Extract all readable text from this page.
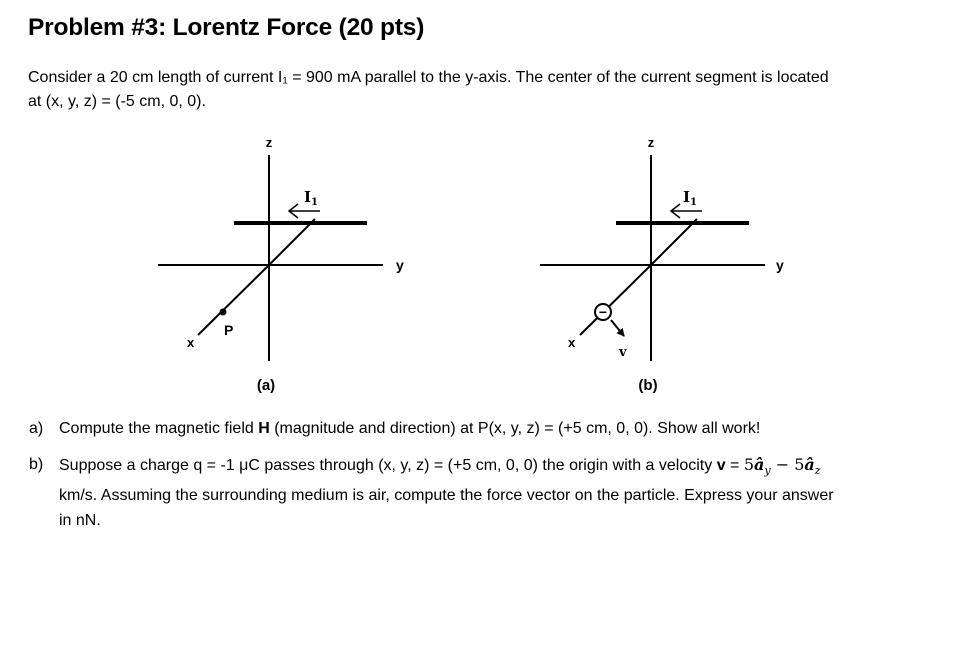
Problem #3: Lorentz Force (20 pts)

Consider a 20 cm length of current I₁ = 900 mA parallel to the y-axis. The center of the current segment is located

at (x, y, z) = (-5 cm, 0, 0).

z
y
x
P
$I_1$
(a)
−
z
y
x
v
$I_1$
(b)
a) Compute the magnetic field H (magnitude and direction) at P(x, y, z) = (+5 cm, 0, 0). Show all work!
b) Suppose a charge q = -1 μC passes through (x, y, z) = (+5 cm, 0, 0) the origin with a velocity $v = 5â_y$ − $5â_z$
km/s. Assuming the surrounding medium is air, compute the force vector on the particle. Express your answer
in nN.
